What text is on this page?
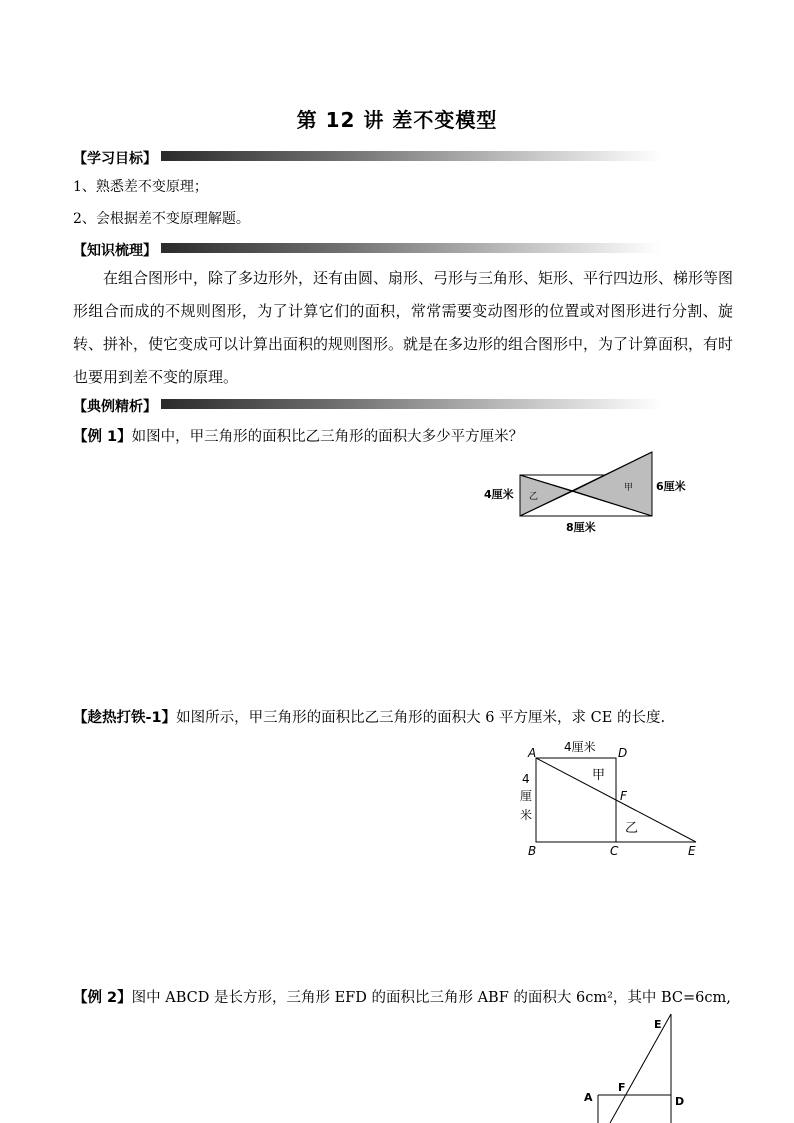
第 12 讲 差不变模型
【学习目标】
1、熟悉差不变原理；
2、会根据差不变原理解题。
【知识梳理】
在组合图形中，除了多边形外，还有由圆、扇形、弓形与三角形、矩形、平行四边形、梯形等图形组合而成的不规则图形，为了计算它们的面积，常常需要变动图形的位置或对图形进行分割、旋转、拼补，使它变成可以计算出面积的规则图形。就是在多边形的组合图形中，为了计算面积，有时也要用到差不变的原理。
【典例精析】
【例 1】如图中，甲三角形的面积比乙三角形的面积大多少平方厘米？
4厘米
6厘米
8厘米
乙
甲
【趁热打铁-1】如图所示，甲三角形的面积比乙三角形的面积大 6 平方厘米，求 CE 的长度.
A	D
B	C	E
F
4厘米
4
厘
米
甲
乙
【例 2】图中 ABCD 是长方形，三角形 EFD 的面积比三角形 ABF 的面积大 6cm²，其中 BC=6cm,
E
F
A	D
